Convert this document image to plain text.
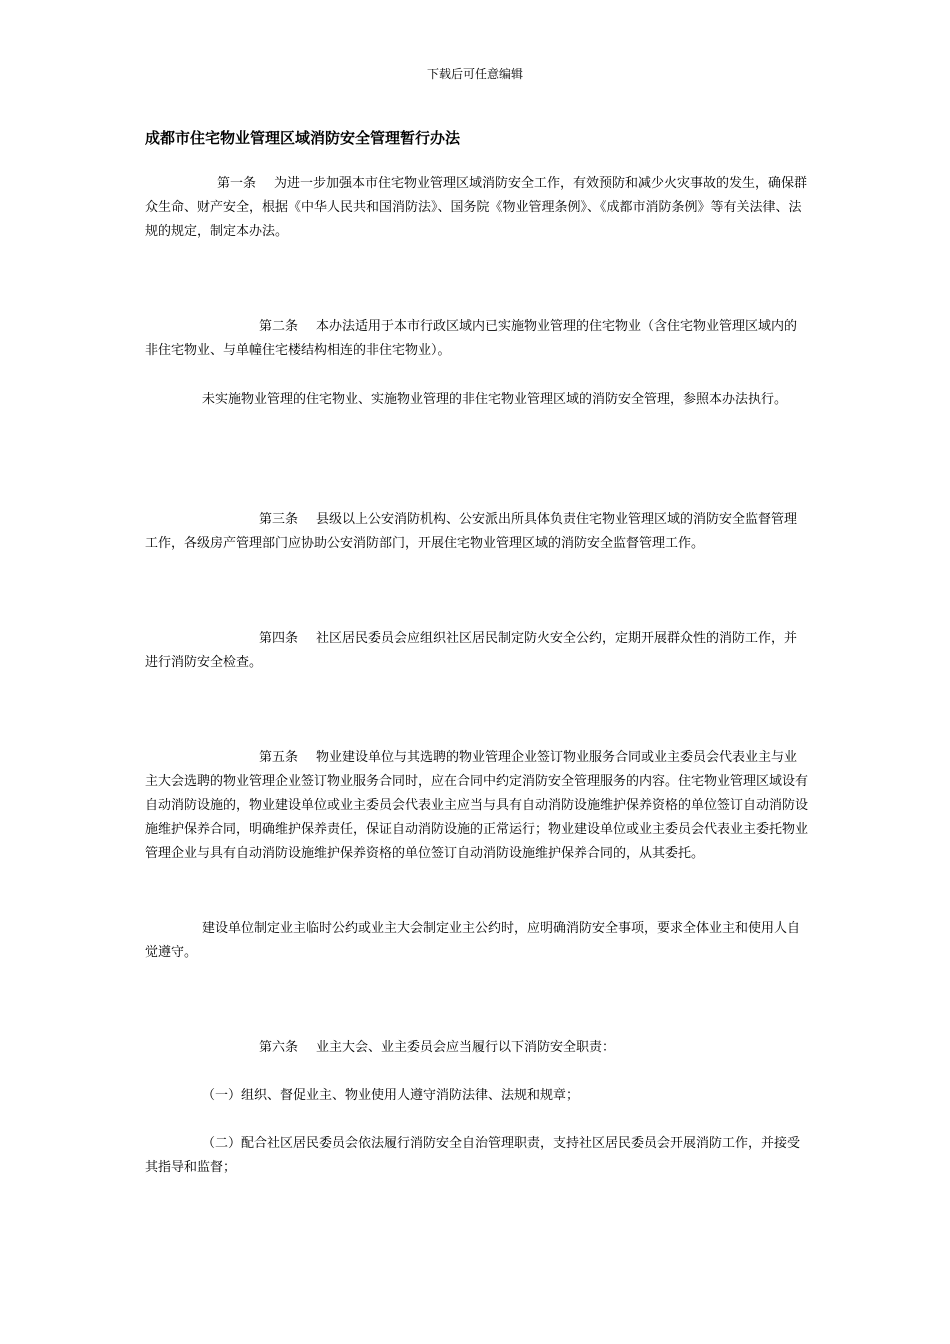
下载后可任意编辑
成都市住宅物业管理区域消防安全管理暂行办法

第一条 为进一步加强本市住宅物业管理区域消防安全工作，有效预防和减少火灾事故的发生，确保群众生命、财产安全，根据《中华人民共和国消防法》、国务院《物业管理条例》、《成都市消防条例》等有关法律、法规的规定，制定本办法。

第二条 本办法适用于本市行政区域内已实施物业管理的住宅物业（含住宅物业管理区域内的非住宅物业、与单幢住宅楼结构相连的非住宅物业）。

未实施物业管理的住宅物业、实施物业管理的非住宅物业管理区域的消防安全管理，参照本办法执行。

第三条 县级以上公安消防机构、公安派出所具体负责住宅物业管理区域的消防安全监督管理工作，各级房产管理部门应协助公安消防部门，开展住宅物业管理区域的消防安全监督管理工作。

第四条 社区居民委员会应组织社区居民制定防火安全公约，定期开展群众性的消防工作，并进行消防安全检查。

第五条 物业建设单位与其选聘的物业管理企业签订物业服务合同或业主委员会代表业主与业主大会选聘的物业管理企业签订物业服务合同时，应在合同中约定消防安全管理服务的内容。住宅物业管理区域设有自动消防设施的，物业建设单位或业主委员会代表业主应当与具有自动消防设施维护保养资格的单位签订自动消防设施维护保养合同，明确维护保养责任，保证自动消防设施的正常运行；物业建设单位或业主委员会代表业主委托物业管理企业与具有自动消防设施维护保养资格的单位签订自动消防设施维护保养合同的，从其委托。

建设单位制定业主临时公约或业主大会制定业主公约时，应明确消防安全事项，要求全体业主和使用人自觉遵守。

第六条 业主大会、业主委员会应当履行以下消防安全职责：

（一）组织、督促业主、物业使用人遵守消防法律、法规和规章；

（二）配合社区居民委员会依法履行消防安全自治管理职责，支持社区居民委员会开展消防工作，并接受其指导和监督；
